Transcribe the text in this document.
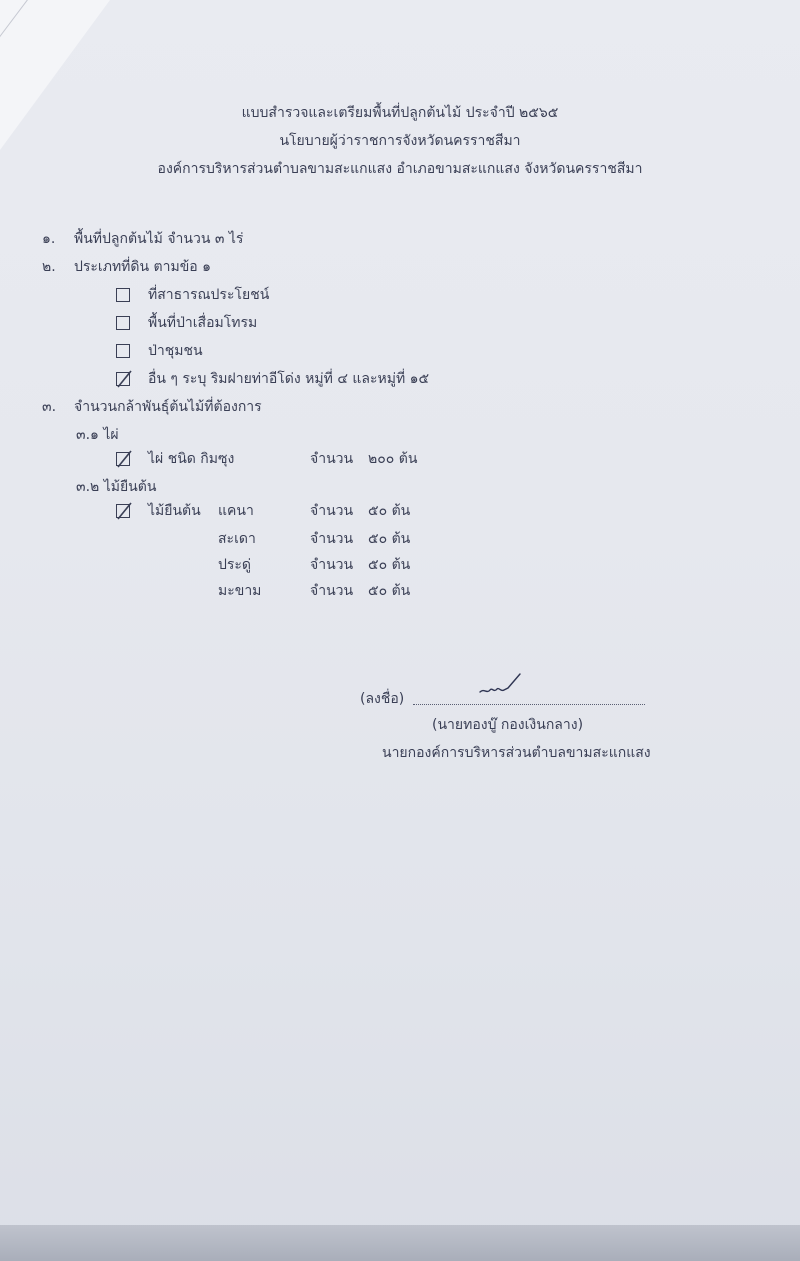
แบบสำรวจและเตรียมพื้นที่ปลูกต้นไม้ ประจำปี ๒๕๖๕
นโยบายผู้ว่าราชการจังหวัดนครราชสีมา
องค์การบริหารส่วนตำบลขามสะแกแสง อำเภอขามสะแกแสง จังหวัดนครราชสีมา
๑. พื้นที่ปลูกต้นไม้ จำนวน ๓ ไร่
๒. ประเภทที่ดิน ตามข้อ ๑
ที่สาธารณประโยชน์
พื้นที่ป่าเสื่อมโทรม
ป่าชุมชน
อื่น ๆ ระบุ ริมฝายท่าอีโด่ง หมู่ที่ ๔ และหมู่ที่ ๑๕
๓. จำนวนกล้าพันธุ์ต้นไม้ที่ต้องการ
๓.๑ ไผ่
ไผ่ ชนิด กิมซุง	จำนวน ๒๐๐ ต้น
๓.๒ ไม้ยืนต้น
ไม้ยืนต้น แคนา	จำนวน ๕๐ ต้น
สะเดา	จำนวน ๕๐ ต้น
ประดู่	จำนวน ๕๐ ต้น
มะขาม	จำนวน ๕๐ ต้น
(ลงชื่อ)
(นายทองบู๊ กองเงินกลาง)
นายกองค์การบริหารส่วนตำบลขามสะแกแสง
